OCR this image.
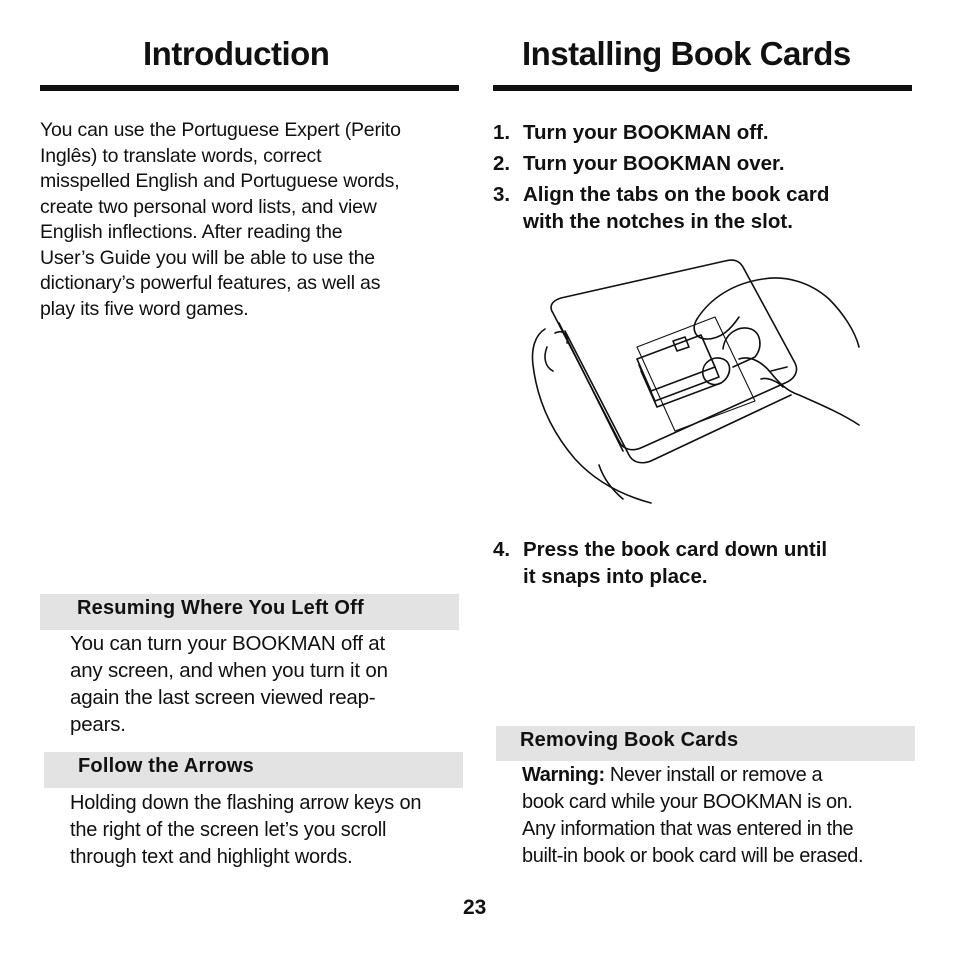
Introduction
You can use the Portuguese Expert (Perito
Inglês) to translate words, correct
misspelled English and Portuguese words,
create two personal word lists, and view
English inflections. After reading the
User’s Guide you will be able to use the
dictionary’s powerful features, as well as
play its five word games.
Resuming Where You Left Off
You can turn your BOOKMAN off at
any screen, and when you turn it on
again the last screen viewed reap-
pears.
Follow the Arrows
Holding down the flashing arrow keys on
the right of the screen let’s you scroll
through text and highlight words.
Installing Book Cards
1. Turn your BOOKMAN off.
2. Turn your BOOKMAN over.
3. Align the tabs on the book card
with the notches in the slot.
4. Press the book card down until
it snaps into place.
Removing Book Cards
Warning: Never install or remove a
book card while your BOOKMAN is on.
Any information that was entered in the
built-in book or book card will be erased.
23
